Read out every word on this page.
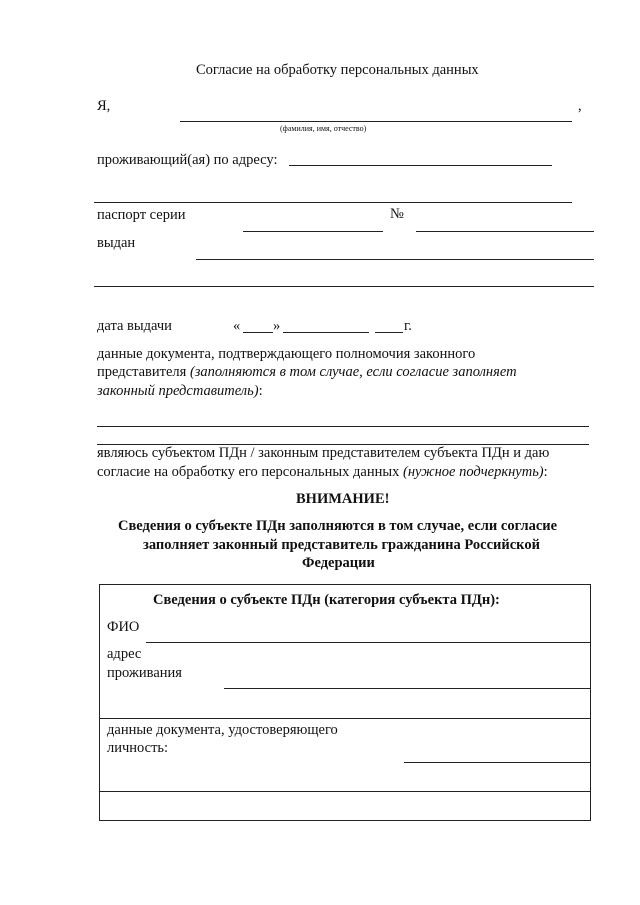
Согласие на обработку персональных данных
Я,	,
(фамилия, имя, отчество)
проживающий(ая) по адресу:
паспорт серии	№
выдан
дата выдачи	« »	г.
данные документа, подтверждающего полномочия законного
представителя (заполняются в том случае, если согласие заполняет
законный представитель):
являюсь субъектом ПДн / законным представителем субъекта ПДн и даю
согласие на обработку его персональных данных (нужное подчеркнуть):
ВНИМАНИЕ!
Сведения о субъекте ПДн заполняются в том случае, если согласие
заполняет законный представитель гражданина Российской
Федерации
Сведения о субъекте ПДн (категория субъекта ПДн):
ФИО
адрес
проживания
данные документа, удостоверяющего
личность:
